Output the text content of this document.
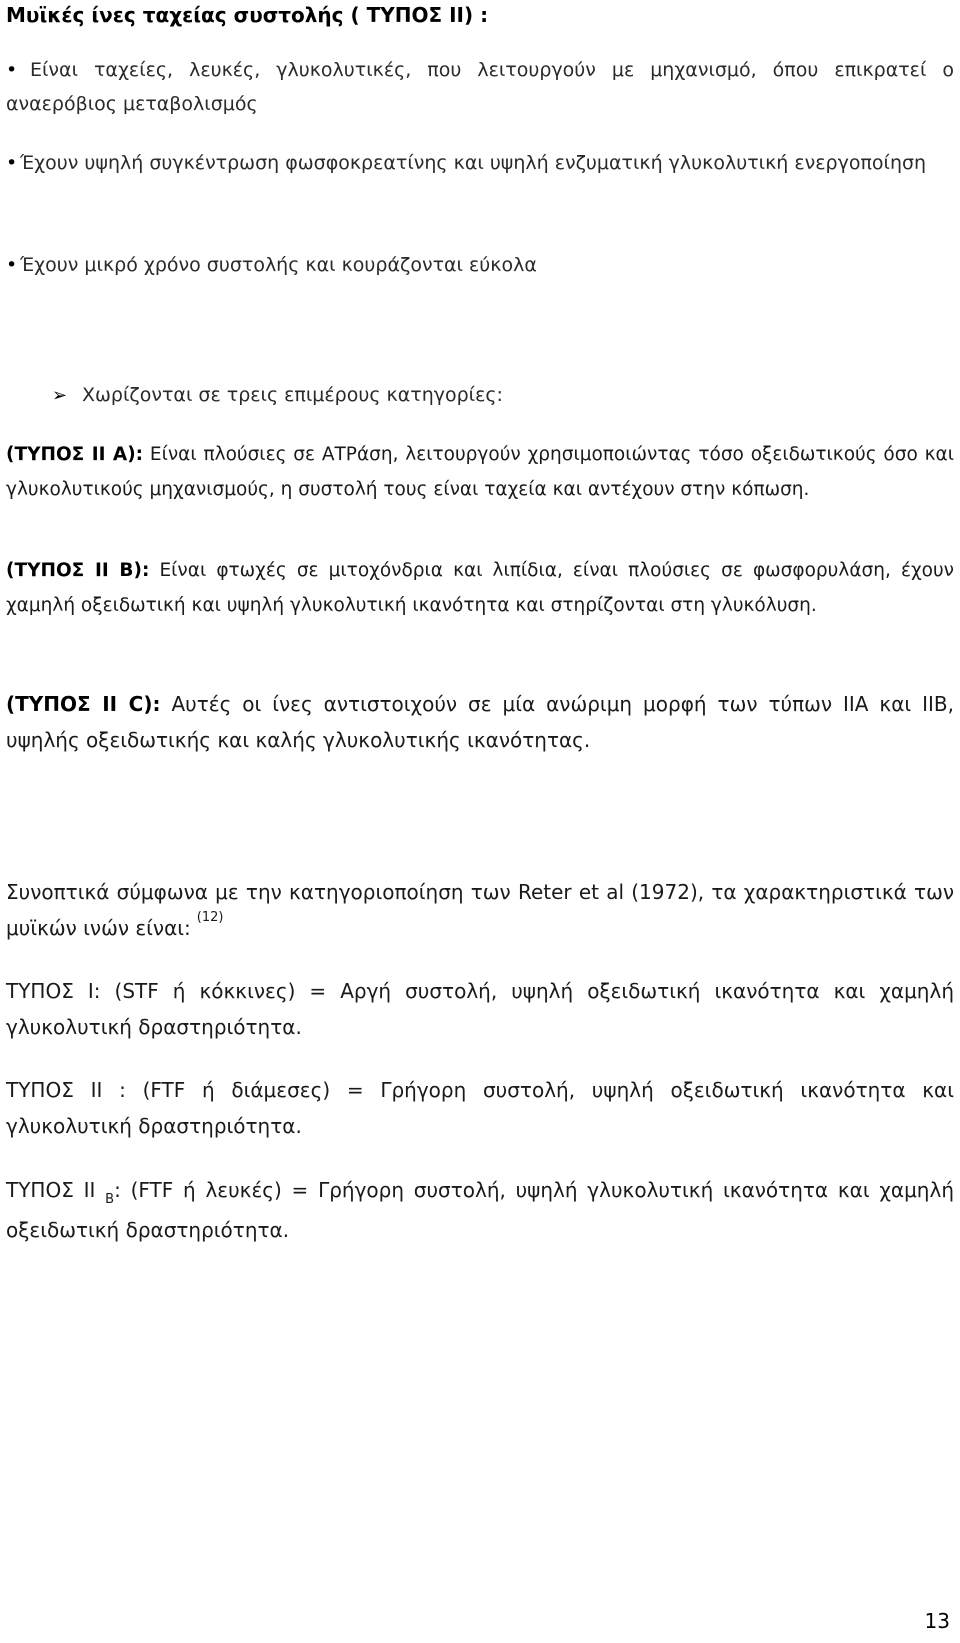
Μυϊκές ίνες ταχείας συστολής ( ΤΥΠΟΣ ΙΙ) :

• Είναι ταχείες, λευκές, γλυκολυτικές, που λειτουργούν με μηχανισμό, όπου επικρατεί ο αναερόβιος μεταβολισμός

• Έχουν υψηλή συγκέντρωση φωσφοκρεατίνης και υψηλή ενζυματική γλυκολυτική ενεργοποίηση

• Έχουν μικρό χρόνο συστολής και κουράζονται εύκολα

➢ Χωρίζονται σε τρεις επιμέρους κατηγορίες:

(ΤΥΠΟΣ ΙΙ Α): Είναι πλούσιες σε ΑΤΡάση, λειτουργούν χρησιμοποιώντας τόσο οξειδωτικούς όσο και γλυκολυτικούς μηχανισμούς, η συστολή τους είναι ταχεία και αντέχουν στην κόπωση.

(ΤΥΠΟΣ ΙΙ Β): Είναι φτωχές σε μιτοχόνδρια και λιπίδια, είναι πλούσιες σε φωσφορυλάση, έχουν χαμηλή οξειδωτική και υψηλή γλυκολυτική ικανότητα και στηρίζονται στη γλυκόλυση.

(ΤΥΠΟΣ ΙΙ C): Αυτές οι ίνες αντιστοιχούν σε μία ανώριμη μορφή των τύπων ΙΙΑ και ΙΙΒ, υψηλής οξειδωτικής και καλής γλυκολυτικής ικανότητας.

Συνοπτικά σύμφωνα με την κατηγοριοποίηση των Reter et al (1972), τα χαρακτηριστικά των μυϊκών ινών είναι: $^{(12)}$

ΤΥΠΟΣ Ι: (STF ή κόκκινες) = Αργή συστολή, υψηλή οξειδωτική ικανότητα και χαμηλή γλυκολυτική δραστηριότητα.

ΤΥΠΟΣ ΙΙ : (FTF ή διάμεσες) = Γρήγορη συστολή, υψηλή οξειδωτική ικανότητα και γλυκολυτική δραστηριότητα.

ΤΥΠΟΣ ΙΙ $_B$: (FTF ή λευκές) = Γρήγορη συστολή, υψηλή γλυκολυτική ικανότητα και χαμηλή οξειδωτική δραστηριότητα.

13
